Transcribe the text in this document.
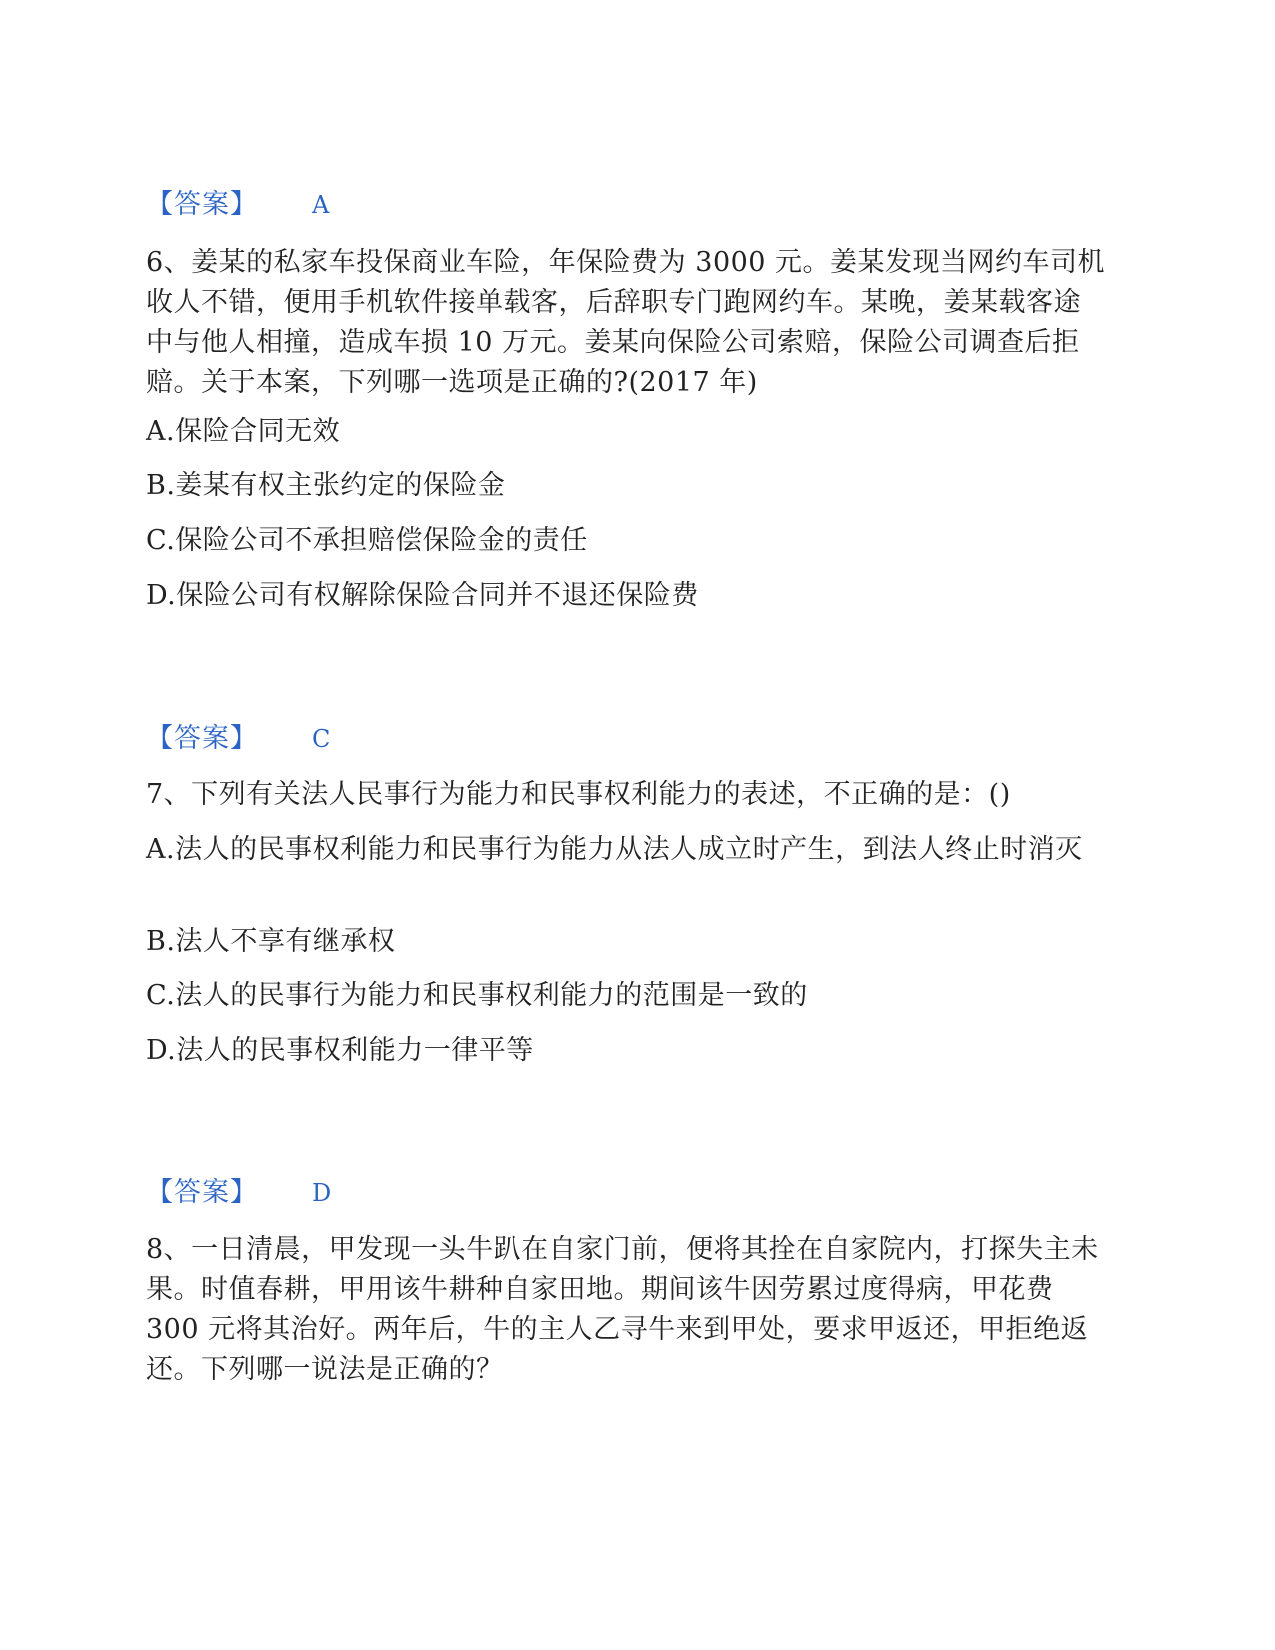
【答案】 A
6、姜某的私家车投保商业车险，年保险费为 3000 元。姜某发现当网约车司机收人不错，便用手机软件接单载客，后辞职专门跑网约车。某晚，姜某载客途中与他人相撞，造成车损 10 万元。姜某向保险公司索赔，保险公司调查后拒赔。关于本案，下列哪一选项是正确的?(2017 年)
A.保险合同无效
B.姜某有权主张约定的保险金
C.保险公司不承担赔偿保险金的责任
D.保险公司有权解除保险合同并不退还保险费
【答案】 C
7、下列有关法人民事行为能力和民事权利能力的表述，不正确的是：()
A.法人的民事权利能力和民事行为能力从法人成立时产生，到法人终止时消灭
B.法人不享有继承权
C.法人的民事行为能力和民事权利能力的范围是一致的
D.法人的民事权利能力一律平等
【答案】 D
8、一日清晨，甲发现一头牛趴在自家门前，便将其拴在自家院内，打探失主未果。时值春耕，甲用该牛耕种自家田地。期间该牛因劳累过度得病，甲花费 300 元将其治好。两年后，牛的主人乙寻牛来到甲处，要求甲返还，甲拒绝返还。下列哪一说法是正确的？
